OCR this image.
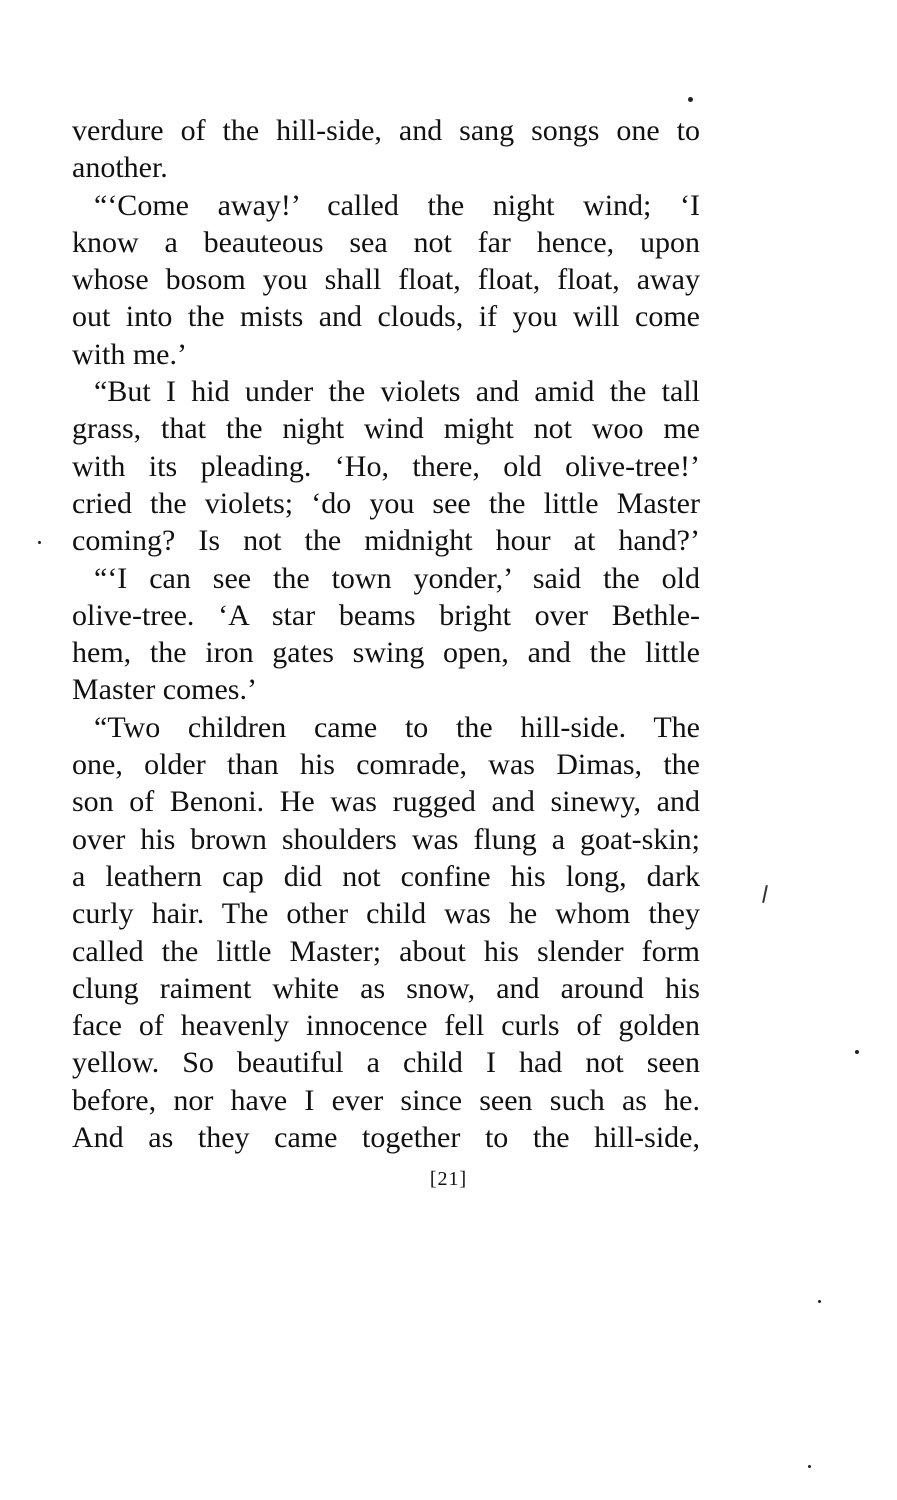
verdure of the hill-side, and sang songs one to
another.
“‘Come away!’ called the night wind; ‘I
know a beauteous sea not far hence, upon
whose bosom you shall float, float, float, away
out into the mists and clouds, if you will come
with me.’
“But I hid under the violets and amid the tall
grass, that the night wind might not woo me
with its pleading. ‘Ho, there, old olive-tree!’
cried the violets; ‘do you see the little Master
coming? Is not the midnight hour at hand?’
“‘I can see the town yonder,’ said the old
olive-tree. ‘A star beams bright over Bethle-
hem, the iron gates swing open, and the little
Master comes.’
“Two children came to the hill-side. The
one, older than his comrade, was Dimas, the
son of Benoni. He was rugged and sinewy, and
over his brown shoulders was flung a goat-skin;
a leathern cap did not confine his long, dark
curly hair. The other child was he whom they
called the little Master; about his slender form
clung raiment white as snow, and around his
face of heavenly innocence fell curls of golden
yellow. So beautiful a child I had not seen
before, nor have I ever since seen such as he.
And as they came together to the hill-side,
[21]
